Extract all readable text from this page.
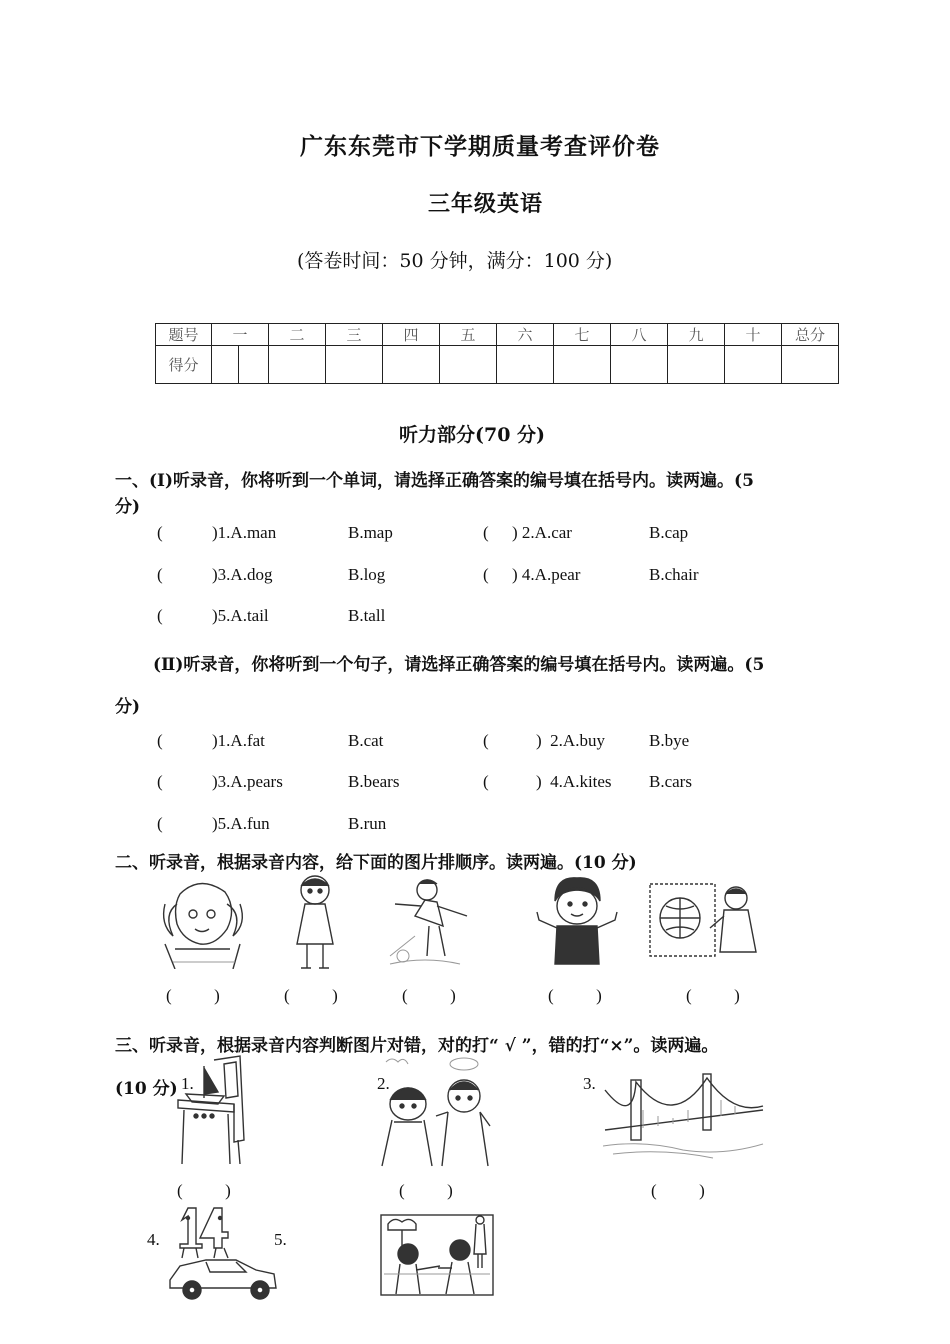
广东东莞市下学期质量考查评价卷
三年级英语
(答卷时间：50 分钟，满分：100 分)
题号	一		二	三	四	五	六	七	八	九	十	总分
得分												
听力部分(70 分)
一、(Ⅰ)听录音，你将听到一个单词，请选择正确答案的编号填在括号内。读两遍。(5
分)
(	)1.A.man	B.map	( ) 2.A.car	B.cap
(	)3.A.dog	B.log	( ) 4.A.pear	B.chair
(	)5.A.tail	B.tall
(Ⅱ)听录音，你将听到一个句子，请选择正确答案的编号填在括号内。读两遍。(5
分)
(	)1.A.fat	B.cat	(	)  2.A.buy	B.bye
(	)3.A.pears	B.bears	(	)  4.A.kites B.cars
(	)5.A.fun	B.run
二、听录音，根据录音内容，给下面的图片排顺序。读两遍。(10 分)
(          )	(          )	(          )	(          )	(          )
三、听录音，根据录音内容判断图片对错，对的打“ √ ”，错的打“×”。读两遍。
(10 分) 1.	2.	3.
(          )	(          )	(          )
4.	5.
